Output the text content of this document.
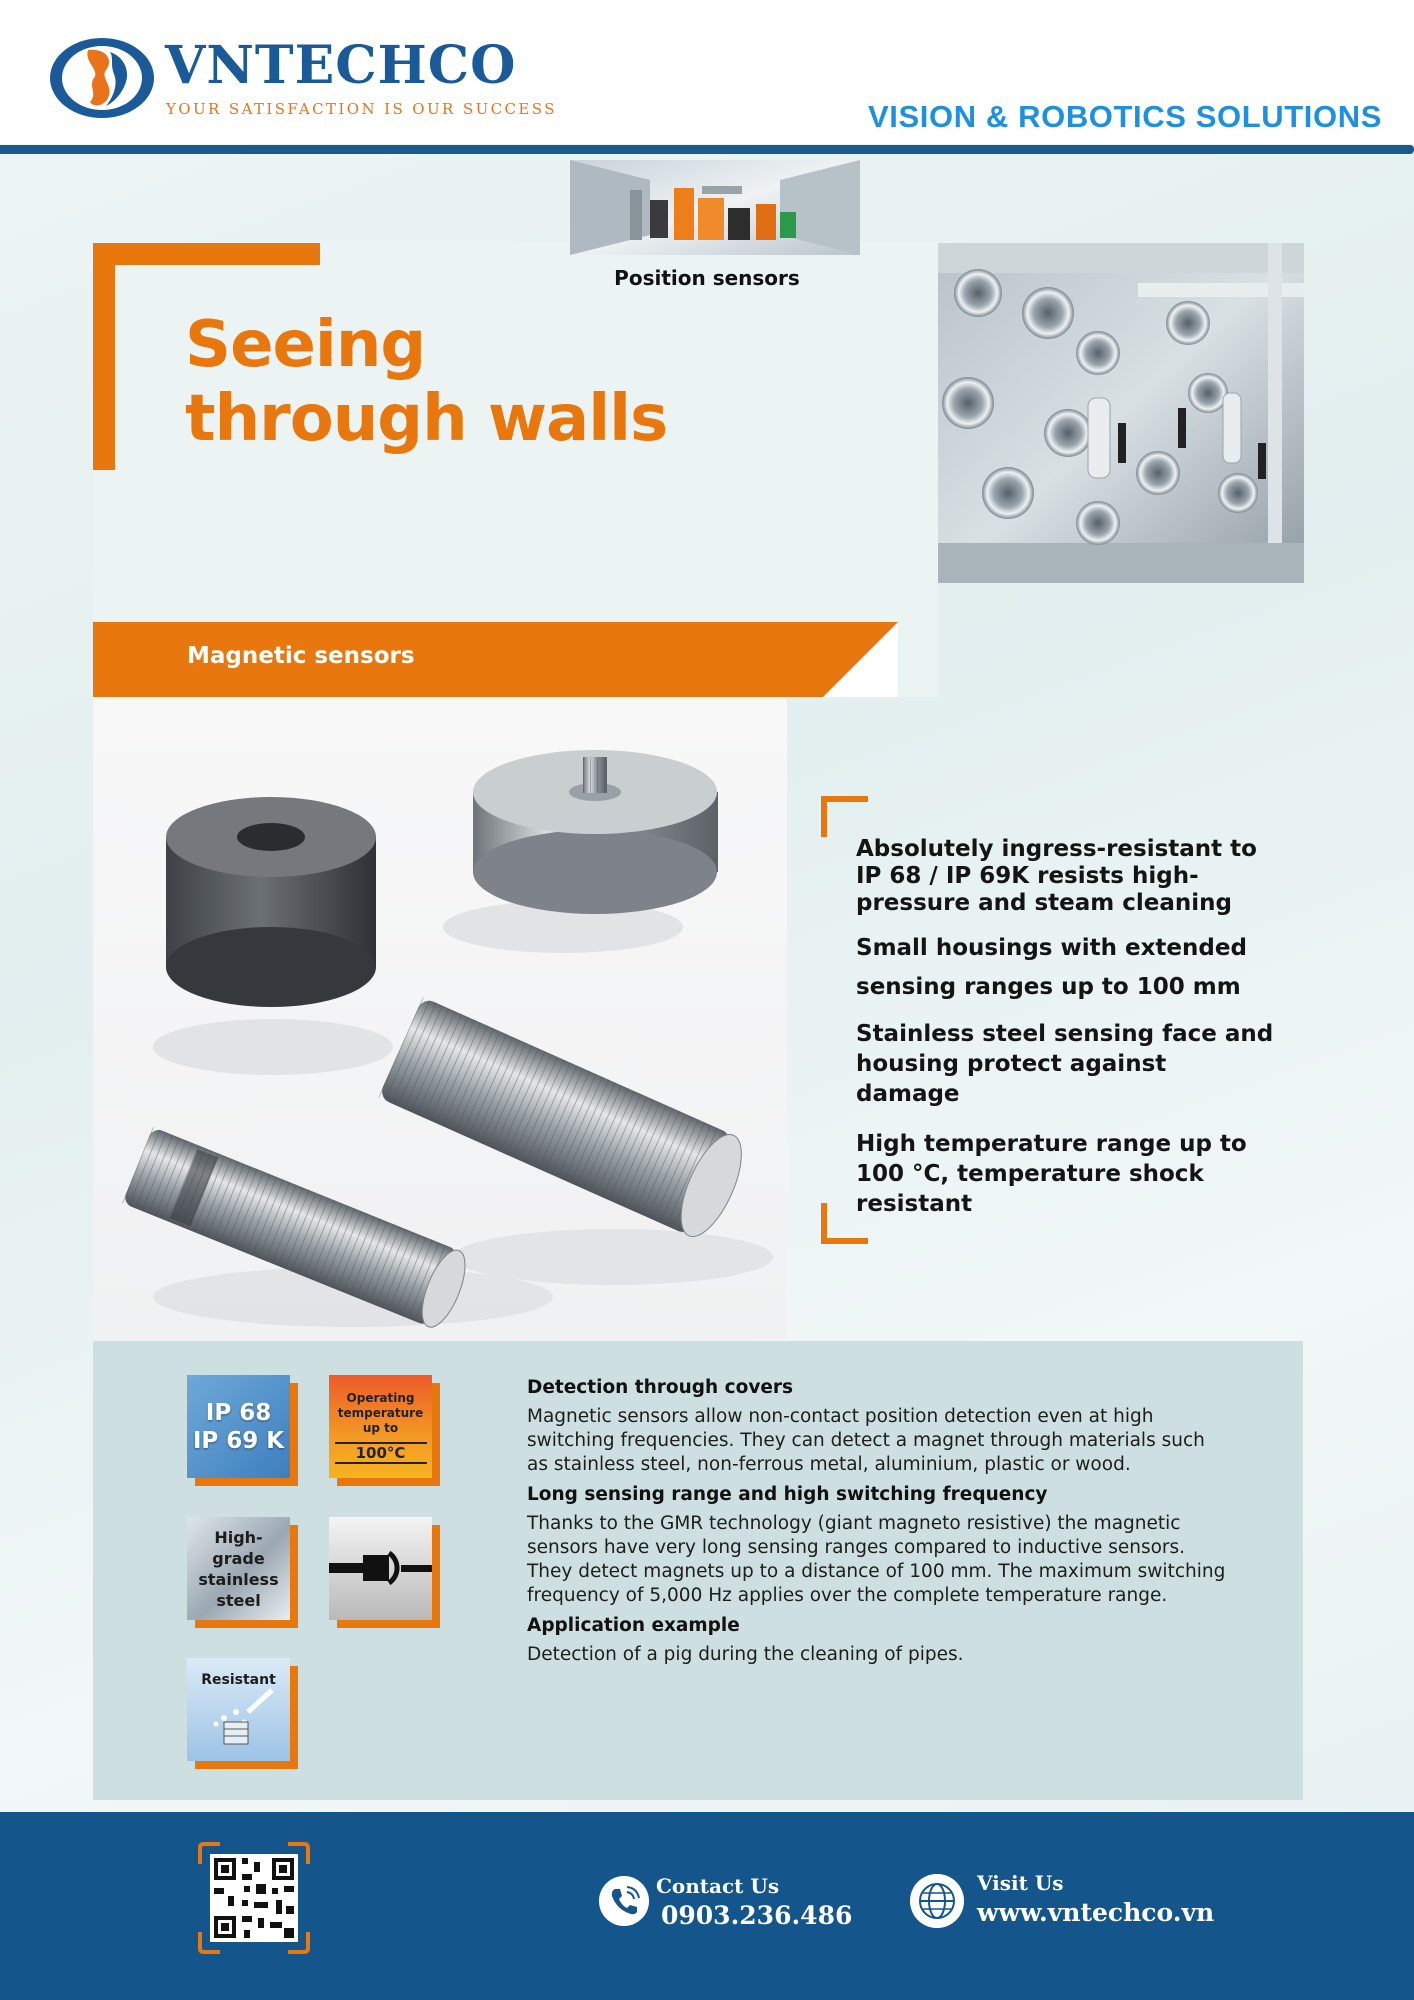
VNTECHCO
YOUR SATISFACTION IS OUR SUCCESS	VISION & ROBOTICS SOLUTIONS
Position sensors
Seeing
through walls
Magnetic sensors
Absolutely ingress-resistant to IP 68 / IP 69K resists high-pressure and steam cleaning
Small housings with extended sensing ranges up to 100 mm
Stainless steel sensing face and housing protect against damage
High temperature range up to 100 °C, temperature shock resistant
IP 68
IP 69 K
Operating
temperature
up to
100°C
High-
grade
stainless
steel
Resistant
Detection through covers
Magnetic sensors allow non-contact position detection even at high switching frequencies. They can detect a magnet through materials such as stainless steel, non-ferrous metal, aluminium, plastic or wood.
Long sensing range and high switching frequency
Thanks to the GMR technology (giant magneto resistive) the magnetic sensors have very long sensing ranges compared to inductive sensors. They detect magnets up to a distance of 100 mm. The maximum switching frequency of 5,000 Hz applies over the complete temperature range.
Application example
Detection of a pig during the cleaning of pipes.
Contact Us
0903.236.486
Visit Us
www.vntechco.vn
